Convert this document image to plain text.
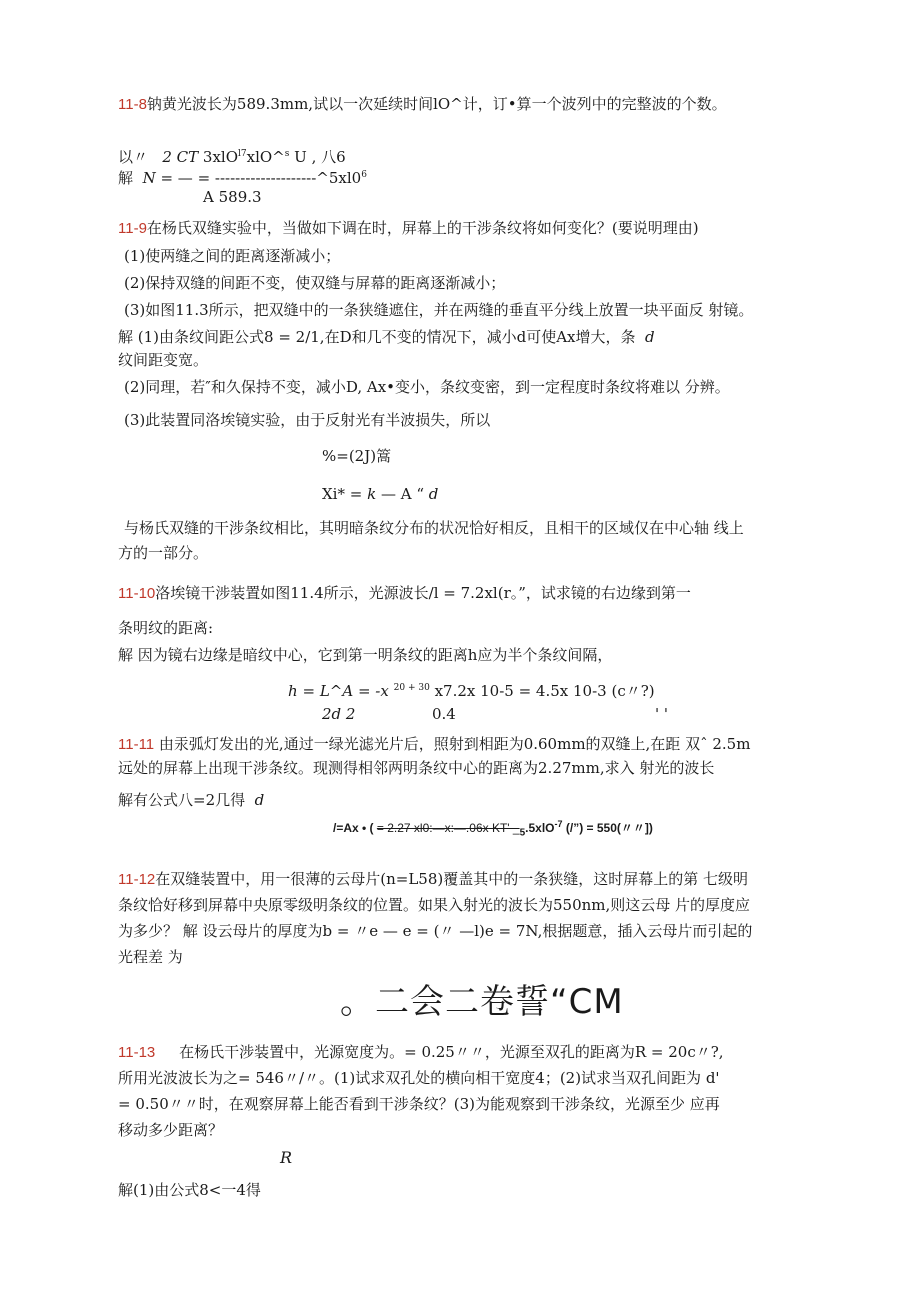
11-8钠黄光波长为589.3mm,试以一次延续时间lO^计，订•算一个波列中的完整波的个数。
以〃 2 CT 3xlO$^{l7}$xlO^$^s$ U , 八6
解 N = — = $--------------------\^{}5xl0^6$
A 589.3
11-9在杨氏双缝实验中，当做如下调在时，屏幕上的干涉条纹将如何变化？(要说明理由)
(1)使两缝之间的距离逐渐减小；
(2)保持双缝的间距不变，使双缝与屏幕的距离逐渐减小；
(3)如图11.3所示，把双缝中的一条狭缝遮住，并在两缝的垂直平分线上放置一块平面反 射镜。
解 (1)由条纹间距公式8 = 2/1,在D和几不变的情况下，减小d可使Ax增大，条 d
纹间距变宽。
(2)同理，若″和久保持不变，减小D, Ax•变小，条纹变密，到一定程度时条纹将难以 分辨。
(3)此装置同洛埃镜实验，由于反射光有半波损失，所以
%=(2J)篙
Xi* = k — A “ d
与杨氏双缝的干涉条纹相比，其明暗条纹分布的状况恰好相反，且相干的区域仅在中心轴 线上
方的一部分。
11-10洛埃镜干涉装置如图11.4所示，光源波长/l = 7.2xl(r。”，试求镜的右边缘到第一
条明纹的距离:
解 因为镜右边缘是暗纹中心，它到第一明条纹的距离h应为半个条纹间隔，
h = L^A = -x $^{20 + 30}$ x7.2x 10-5 = 4.5x 10-3 (c〃?)
2d 2	0.4	' '
11-11 由汞弧灯发出的光,通过一绿光滤光片后，照射到相距为0.60mm的双缝上,在距 双ˆ 2.5m
远处的屏幕上出现干涉条纹。现测得相邻两明条纹中心的距离为2.27mm,求入 射光的波长
解有公式八=2几得 d
/=Ax • ( = 2.27 xl0:—x:—.06x KT' $\__5.5xlO^{-7}$ (/”) = 550(〃〃])
11-12在双缝装置中，用一很薄的云母片(n=L58)覆盖其中的一条狭缝，这时屏幕上的第 七级明
条纹恰好移到屏幕中央原零级明条纹的位置。如果入射光的波长为550nm,则这云母 片的厚度应
为多少？ 解 设云母片的厚度为b = 〃e — e = (〃 —l)e = 7N,根据题意，插入云母片而引起的
光程差 为
。二会二卷誓“CM
11-13 在杨氏干涉装置中，光源宽度为。= 0.25〃〃，光源至双孔的距离为R = 20c〃?,
所用光波波长为之= 546〃/〃。(1)试求双孔处的横向相干宽度4；(2)试求当双孔间距为 d'
= 0.50〃〃时，在观察屏幕上能否看到干涉条纹？(3)为能观察到干涉条纹，光源至少 应再
移动多少距离？
R
解(1)由公式8<一4得
